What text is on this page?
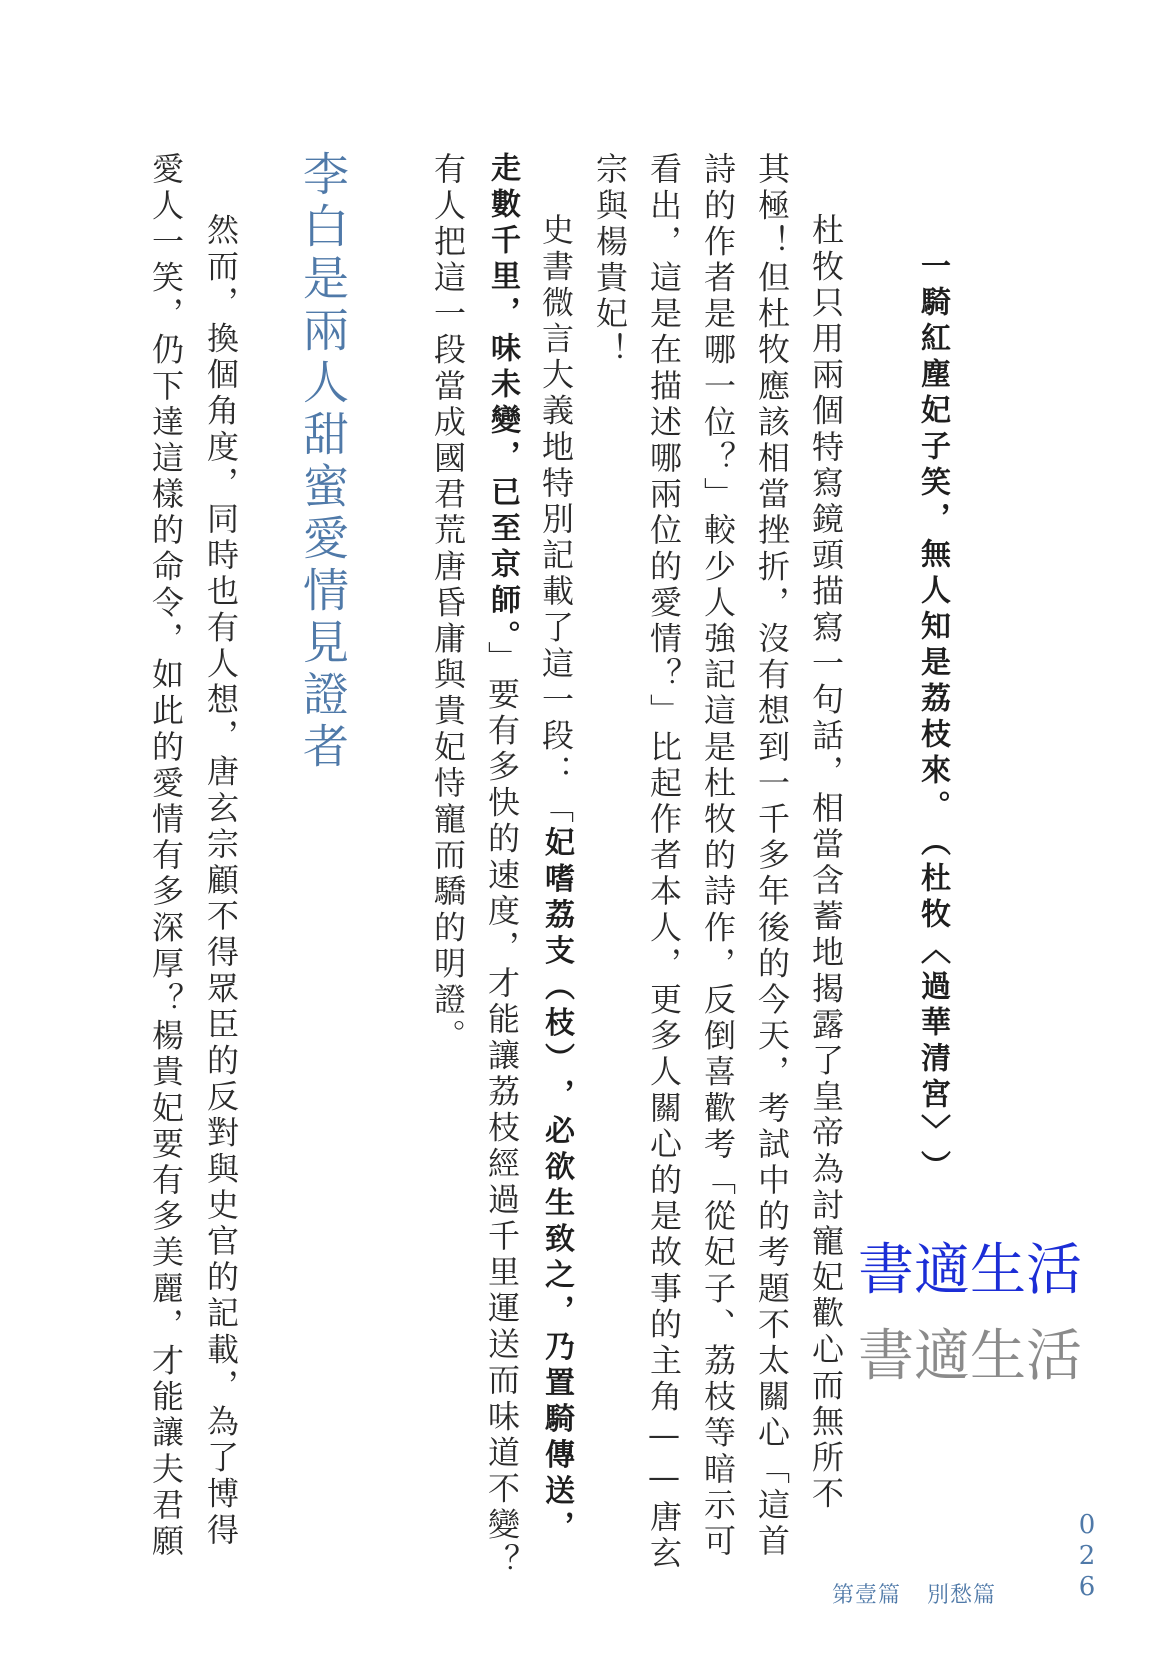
一騎紅塵妃子笑，無人知是荔枝來。︵杜牧︿過華清宮﹀︶
杜牧只用兩個特寫鏡頭描寫一句話，相當含蓄地揭露了皇帝為討寵妃歡心而無所不
其極！但杜牧應該相當挫折，沒有想到一千多年後的今天，考試中的考題不太關心「這首
詩的作者是哪一位？」較少人強記這是杜牧的詩作，反倒喜歡考「從妃子、荔枝等暗示可
看出，這是在描述哪兩位的愛情？」比起作者本人，更多人關心的是故事的主角——唐玄
宗與楊貴妃！
史書微言大義地特別記載了這一段：「妃嗜荔支︵枝︶，必欲生致之，乃置騎傳送，
走數千里，味未變，已至京師。」要有多快的速度，才能讓荔枝經過千里運送而味道不變？
有人把這一段當成國君荒唐昏庸與貴妃恃寵而驕的明證。
李白是兩人甜蜜愛情見證者
然而，換個角度，同時也有人想，唐玄宗顧不得眾臣的反對與史官的記載，為了博得
愛人一笑，仍下達這樣的命令，如此的愛情有多深厚？楊貴妃要有多美麗，才能讓夫君願	書適生活
書適生活
第壹篇 別愁篇	026
